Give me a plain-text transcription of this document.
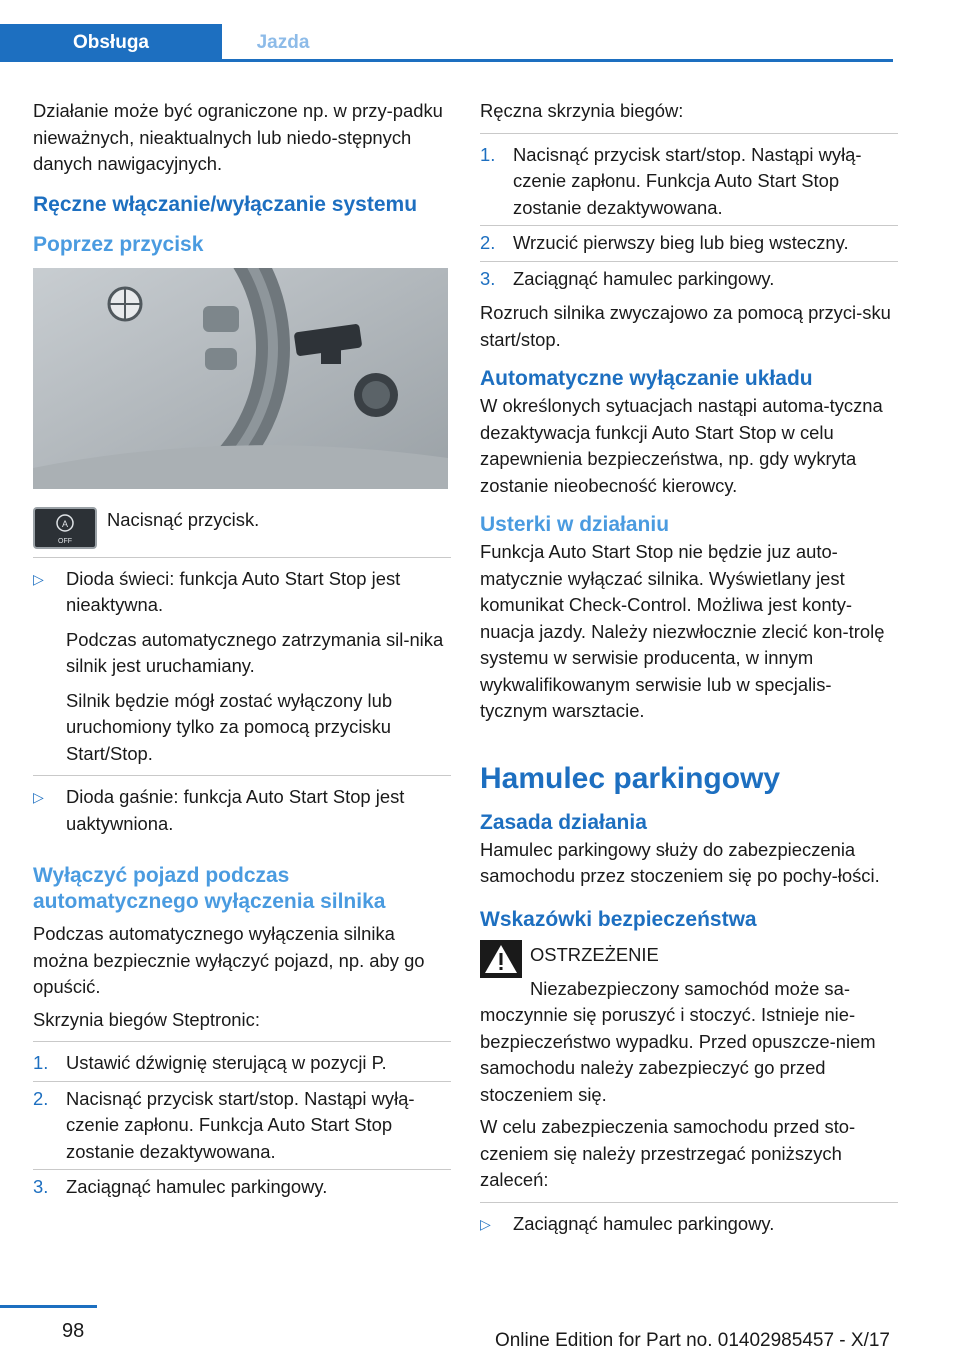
Obsługa	Jazda

Działanie może być ograniczone np. w przy-padku nieważnych, nieaktualnych lub niedo-stępnych danych nawigacyjnych.

Ręczne włączanie/wyłączanie systemu
Poprzez przycisk
A
OFF
Nacisnąć przycisk.
▷ Dioda świeci: funkcja Auto Start Stop jest nieaktywna.

Podczas automatycznego zatrzymania sil-nika silnik jest uruchamiany.

Silnik będzie mógł zostać wyłączony lub uruchomiony tylko za pomocą przycisku Start/Stop.

▷ Dioda gaśnie: funkcja Auto Start Stop jest uaktywniona.

Wyłączyć pojazd podczas automatycznego wyłączenia silnika

Podczas automatycznego wyłączenia silnika można bezpiecznie wyłączyć pojazd, np. aby go opuścić.

Skrzynia biegów Steptronic:

1. Ustawić dźwignię sterującą w pozycji P.
2. Nacisnąć przycisk start/stop. Nastąpi wyłą-czenie zapłonu. Funkcja Auto Start Stop zostanie dezaktywowana.
3. Zaciągnąć hamulec parkingowy.

Ręczna skrzynia biegów:

1. Nacisnąć przycisk start/stop. Nastąpi wyłą-czenie zapłonu. Funkcja Auto Start Stop zostanie dezaktywowana.
2. Wrzucić pierwszy bieg lub bieg wsteczny.
3. Zaciągnąć hamulec parkingowy.

Rozruch silnika zwyczajowo za pomocą przyci-sku start/stop.

Automatyczne wyłączanie układu

W określonych sytuacjach nastąpi automa-tyczna dezaktywacja funkcji Auto Start Stop w celu zapewnienia bezpieczeństwa, np. gdy wykryta zostanie nieobecność kierowcy.

Usterki w działaniu

Funkcja Auto Start Stop nie będzie juz auto-matycznie wyłączać silnika. Wyświetlany jest komunikat Check-Control. Możliwa jest konty-nuacja jazdy. Należy niezwłocznie zlecić kon-trolę systemu w serwisie producenta, w innym wykwalifikowanym serwisie lub w specjalis-tycznym warsztacie.

Hamulec parkingowy
Zasada działania

Hamulec parkingowy służy do zabezpieczenia samochodu przez stoczeniem się po pochy-łości.

Wskazówki bezpieczeństwa
OSTRZEŻENIE

Niezabezpieczony samochód może sa-moczynnie się poruszyć i stoczyć. Istnieje nie-bezpieczeństwo wypadku. Przed opuszcze-niem samochodu należy zabezpieczyć go przed stoczeniem się.

W celu zabezpieczenia samochodu przed sto-czeniem się należy przestrzegać poniższych zaleceń:

▷ Zaciągnąć hamulec parkingowy.
98	Online Edition for Part no. 01402985457 - X/17
